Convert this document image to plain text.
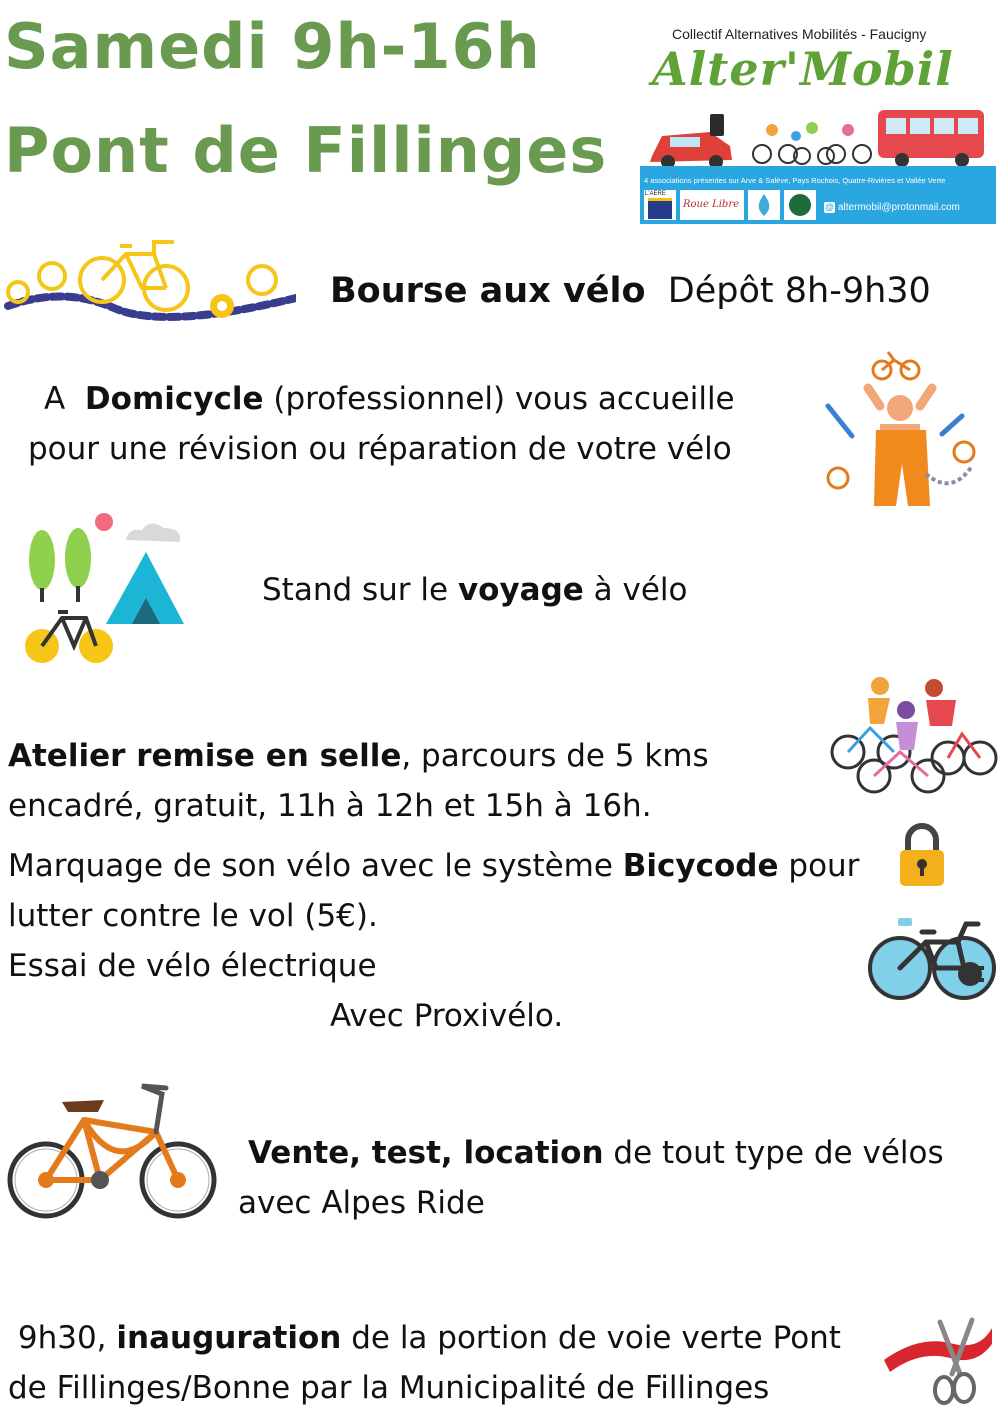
Samedi 9h-16h
Pont de Fillinges
Collectif Alternatives Mobilités - Faucigny
Alter'Mobil
4 associations présentes sur Arve & Salève, Pays Rochois, Quatre-Rivières et Vallée Verte
L'AERE
Roue Libre	@ altermobil@protonmail.com
Bourse aux vélo  Dépôt 8h-9h30
A  Domicycle (professionnel) vous accueille
pour une révision ou réparation de votre vélo
Stand sur le voyage à vélo
Atelier remise en selle, parcours de 5 kms
encadré, gratuit, 11h à 12h et 15h à 16h.
Marquage de son vélo avec le système Bicycode pour
lutter contre le vol (5€).
Essai de vélo électrique
Avec Proxivélo.
Vente, test, location de tout type de vélos
avec Alpes Ride
9h30, inauguration de la portion de voie verte Pont
de Fillinges/Bonne par la Municipalité de Fillinges
